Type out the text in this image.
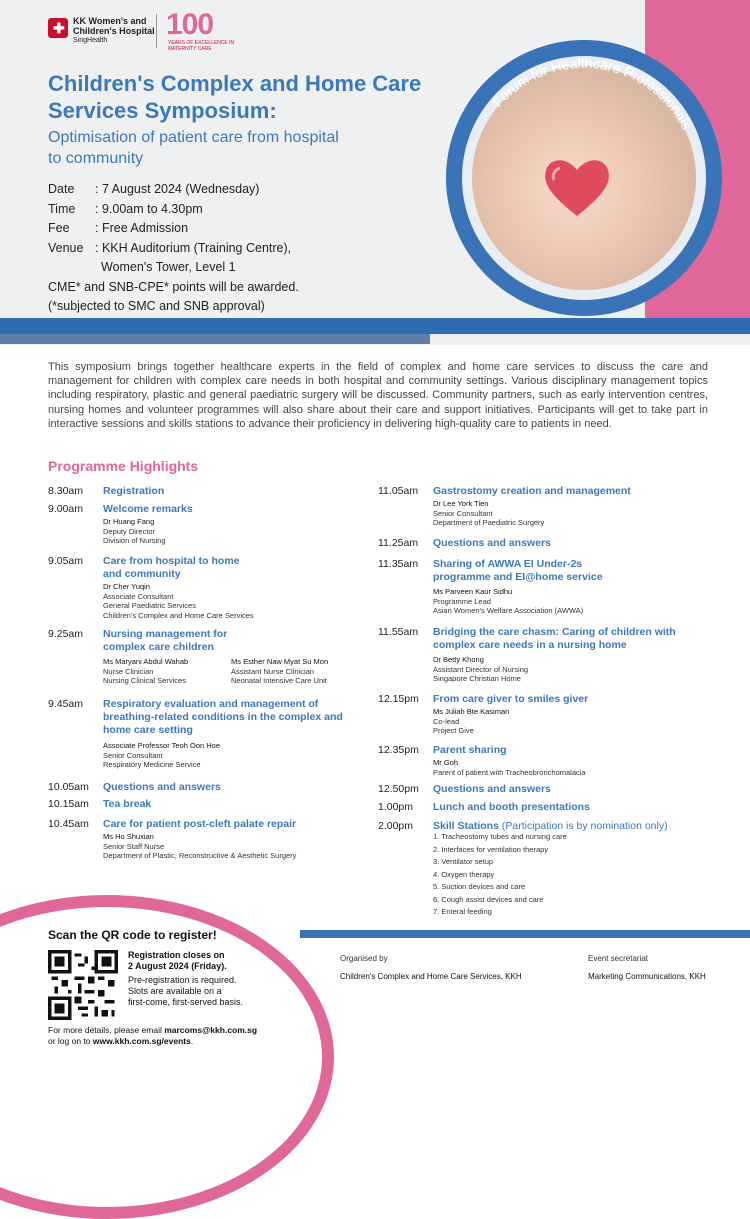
✚ KK Women's and
Children's Hospital
SingHealth 100
YEARS OF EXCELLENCE IN MATERNITY CARE
Children's Complex and Home Care Services Symposium:
Optimisation of patient care from hospital to community
Date	: 7 August 2024 (Wednesday)
Time	: 9.00am to 4.30pm
Fee	: Free Admission
Venue : KKH Auditorium (Training Centre),
Women's Tower, Level 1
CME* and SNB-CPE* points will be awarded.
(*subjected to SMC and SNB approval)
Forum for Healthcare Professionals
This symposium brings together healthcare experts in the field of complex and home care services to discuss the care and management for children with complex care needs in both hospital and community settings. Various disciplinary management topics including respiratory, plastic and general paediatric surgery will be discussed. Community partners, such as early intervention centres, nursing homes and volunteer programmes will also share about their care and support initiatives. Participants will get to take part in interactive sessions and skills stations to advance their proficiency in delivering high-quality care to patients in need.
Programme Highlights
8.30am Registration
9.00am Welcome remarks
Dr Huang Fang
Deputy Director
Division of Nursing
9.05am Care from hospital to home and community
Dr Cher Yuqin
Associate Consultant
General Paediatric Services
Children's Complex and Home Care Services
9.25am Nursing management for complex care children
Ms Maryani Abdul Wahab
Nurse Clinician
Nursing Clinical Services
Ms Esther Naw Myat Su Mon
Assistant Nurse Clinician
Neonatal Intensive Care Unit
9.45am Respiratory evaluation and management of breathing-related conditions in the complex and home care setting
Associate Professor Teoh Oon Hoe
Senior Consultant
Respiratory Medicine Service
10.05am Questions and answers
10.15am Tea break
10.45am Care for patient post-cleft palate repair
Ms Ho Shuxian
Senior Staff Nurse
Department of Plastic, Reconstructive & Aesthetic Surgery
11.05am Gastrostomy creation and management
Dr Lee York Tien
Senior Consultant
Department of Paediatric Surgery
11.25am Questions and answers
11.35am Sharing of AWWA EI Under-2s programme and EI@home service
Ms Parveen Kaur Sidhu
Programme Lead
Asian Women's Welfare Association (AWWA)
11.55am Bridging the care chasm: Caring of children with complex care needs in a nursing home
Dr Betty Khong
Assistant Director of Nursing
Singapore Christian Home
12.15pm From care giver to smiles giver
Ms Juliah Bte Kasiman
Co-lead
Project Give
12.35pm Parent sharing
Mr Goh
Parent of patient with Tracheobronchomalacia
12.50pm Questions and answers
1.00pm Lunch and booth presentations
2.00pm Skill Stations (Participation is by nomination only)
1. Tracheostomy tubes and nursing care
2. Interfaces for ventilation therapy
3. Ventilator setup
4. Oxygen therapy
5. Suction devices and care
6. Cough assist devices and care
7. Enteral feeding
Scan the QR code to register!
Registration closes on
2 August 2024 (Friday).
Pre-registration is required.
Slots are available on a
first-come, first-served basis.
For more details, please email marcoms@kkh.com.sg
or log on to www.kkh.com.sg/events.
Organised by
Children's Complex and Home Care Services, KKH
Event secretariat
Marketing Communications, KKH
